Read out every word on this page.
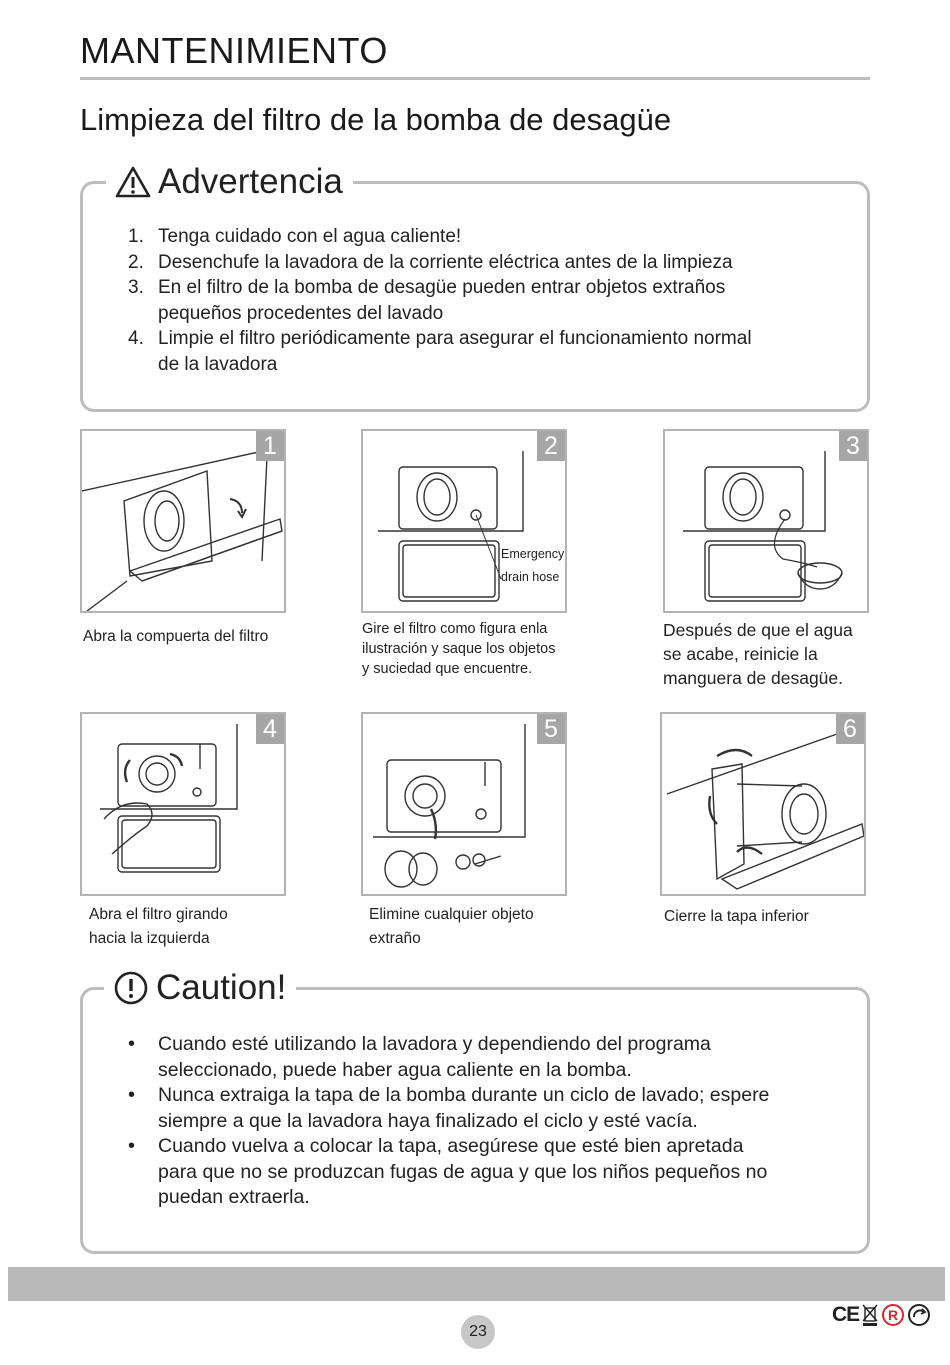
MANTENIMIENTO
Limpieza del filtro de la bomba de desagüe
Advertencia
1. Tenga cuidado con el agua caliente!
2. Desenchufe la lavadora de la corriente eléctrica antes de la limpieza
3. En el filtro de la bomba de desagüe pueden entrar objetos extraños
pequeños procedentes del lavado
4. Limpie el filtro periódicamente para asegurar el funcionamiento normal
de la lavadora
1
Abra la compuerta del filtro
Emergency
drain hose
2
Gire el filtro como figura enla
ilustración y saque los objetos
y suciedad que encuentre.
3
Después de que el agua
se acabe, reinicie la
manguera de desagüe.
4
Abra el filtro girando
hacia la izquierda
5
Elimine cualquier objeto
extraño
6
Cierre la tapa inferior
Caution!
• Cuando esté utilizando la lavadora y dependiendo del programa
seleccionado, puede haber agua caliente en la bomba.
• Nunca extraiga la tapa de la bomba durante un ciclo de lavado; espere
siempre a que la lavadora haya finalizado el ciclo y esté vacía.
• Cuando vuelva a colocar la tapa, asegúrese que esté bien apretada
para que no se produzcan fugas de agua y que los niños pequeños no
puedan extraerla.
23
CE R
